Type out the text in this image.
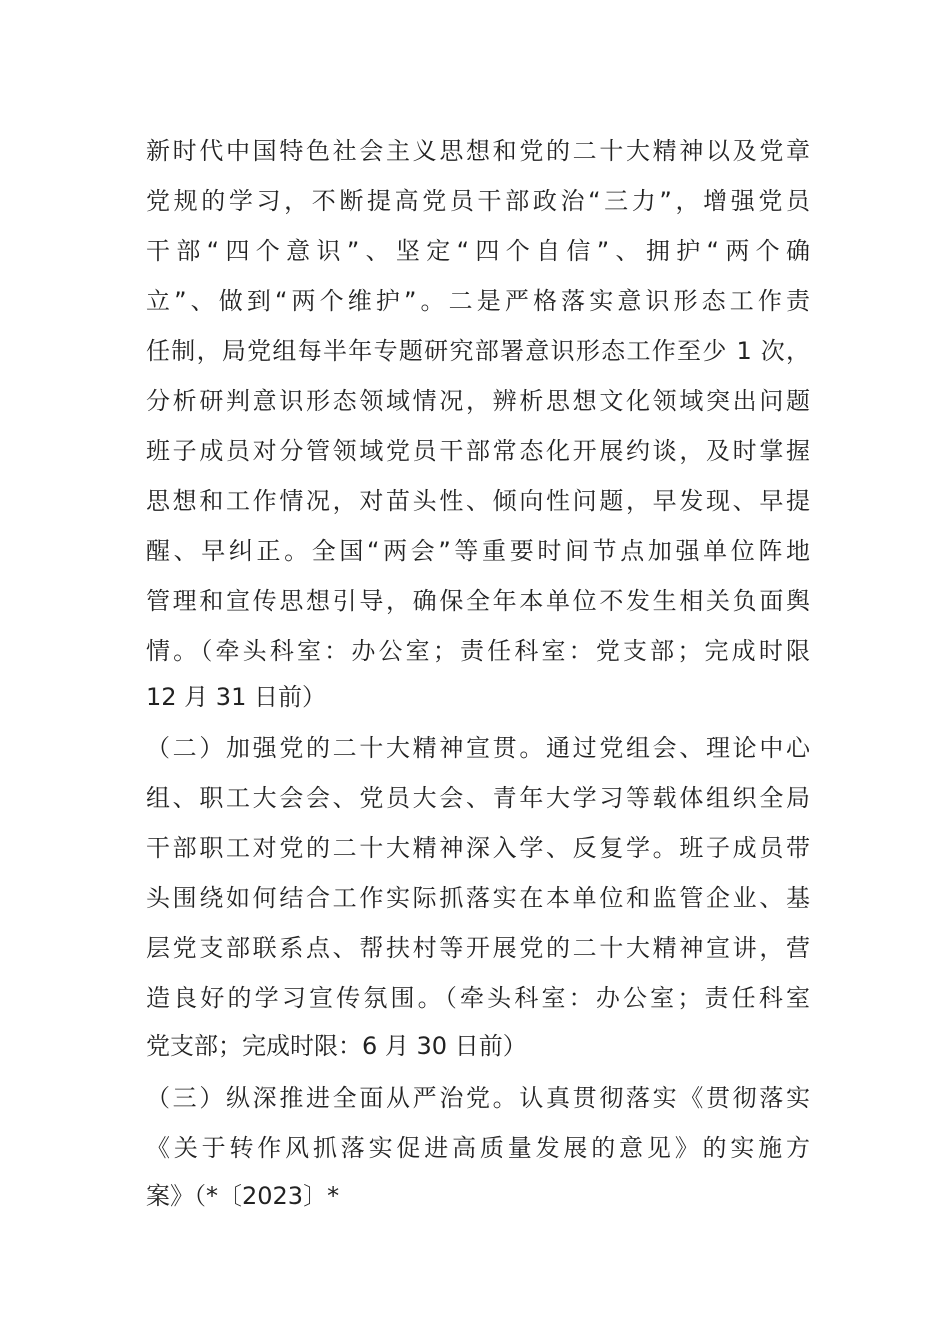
新时代中国特色社会主义思想和党的二十大精神以及党章
党规的学习，不断提高党员干部政治“三力”，增强党员
干部“四个意识”、坚定“四个自信”、拥护“两个确
立”、做到“两个维护”。二是严格落实意识形态工作责
任制，局党组每半年专题研究部署意识形态工作至少 1 次，
分析研判意识形态领域情况，辨析思想文化领域突出问题
班子成员对分管领域党员干部常态化开展约谈，及时掌握
思想和工作情况，对苗头性、倾向性问题，早发现、早提
醒、早纠正。全国“两会”等重要时间节点加强单位阵地
管理和宣传思想引导，确保全年本单位不发生相关负面舆
情。（牵头科室：办公室；责任科室：党支部；完成时限
12 月 31 日前）
（二）加强党的二十大精神宣贯。通过党组会、理论中心
组、职工大会会、党员大会、青年大学习等载体组织全局
干部职工对党的二十大精神深入学、反复学。班子成员带
头围绕如何结合工作实际抓落实在本单位和监管企业、基
层党支部联系点、帮扶村等开展党的二十大精神宣讲，营
造良好的学习宣传氛围。（牵头科室：办公室；责任科室
党支部；完成时限：6 月 30 日前）
（三）纵深推进全面从严治党。认真贯彻落实《贯彻落实
《关于转作风抓落实促进高质量发展的意见》的实施方
案》（*〔2023〕*
